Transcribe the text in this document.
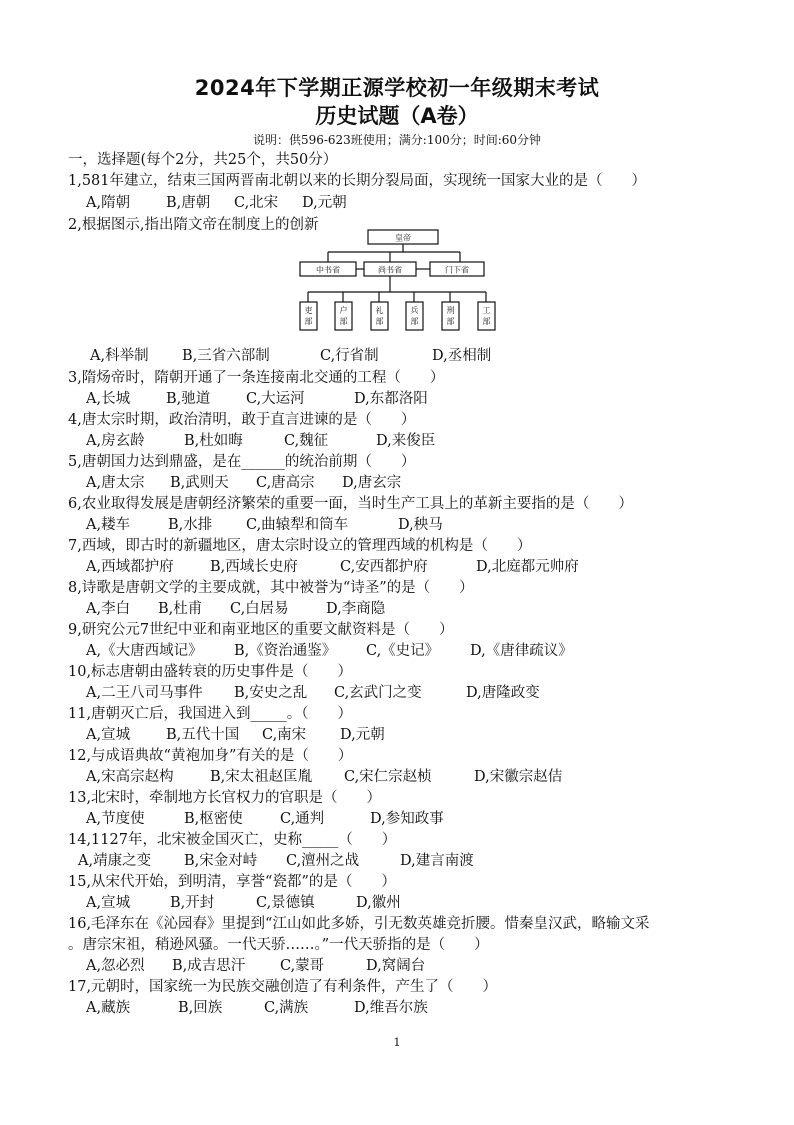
2024年下学期正源学校初一年级期末考试
历史试题（A卷）
说明：供596-623班使用；满分:100分；时间:60分钟
一，选择题(每个2分，共25个，共50分）
1,581年建立，结束三国两晋南北朝以来的长期分裂局面，实现统一国家大业的是（　　）
A,隋朝 B,唐朝 C,北宋 D,元朝
2,根据图示,指出隋文帝在制度上的创新
皇帝
中书省	尚书省	门下省
吏部
户部
礼部
兵部
刑部
工部
A,科举制 B,三省六部制	C,行省制	D,丞相制
3,隋炀帝时，隋朝开通了一条连接南北交通的工程（　　）
A,长城 B,驰道 C,大运河	D,东都洛阳
4,唐太宗时期，政治清明，敢于直言进谏的是（　　）
A,房玄龄	B,杜如晦	C,魏征	D,来俊臣
5,唐朝国力达到鼎盛，是在______的统治前期（　　）
A,唐太宗 B,武则天 C,唐高宗 D,唐玄宗
6,农业取得发展是唐朝经济繁荣的重要一面，当时生产工具上的革新主要指的是（　　）
A,耧车	B,水排 C,曲辕犁和筒车	D,秧马
7,西域，即古时的新疆地区，唐太宗时设立的管理西域的机构是（　　）
A,西域都护府	B,西域长史府	C,安西都护府	D,北庭都元帅府
8,诗歌是唐朝文学的主要成就，其中被誉为“诗圣”的是（　　）
A,李白 B,杜甫 C,白居易	D,李商隐
9,研究公元7世纪中亚和南亚地区的重要文献资料是（　　）
A,《大唐西域记》 B,《资治通鉴》 C,《史记》 D,《唐律疏议》
10,标志唐朝由盛转衰的历史事件是（　　）
A,二王八司马事件 B,安史之乱 C,玄武门之变	D,唐隆政变
11,唐朝灭亡后，我国进入到_____。（　　）
A,宣城 B,五代十国 C,南宋 D,元朝
12,与成语典故“黄袍加身”有关的是（　　）
A,宋高宗赵构	B,宋太祖赵匡胤 C,宋仁宗赵桢	D,宋徽宗赵佶
13,北宋时，牵制地方长官权力的官职是（　　）
A,节度使	B,枢密使	C,通判	D,参知政事
14,1127年，北宋被金国灭亡，史称_____（　　）
A,靖康之变 B,宋金对峙 C,澶州之战	D,建言南渡
15,从宋代开始，到明清，享誉“瓷都”的是（　　）
A,宣城	B,开封	C,景德镇	D,徽州
16,毛泽东在《沁园春》里提到“江山如此多娇，引无数英雄竞折腰。惜秦皇汉武，略输文采
。唐宗宋祖，稍逊风骚。一代天骄……。”一代天骄指的是（　　）
A,忽必烈 B,成吉思汗 C,蒙哥	D,窝阔台
17,元朝时，国家统一为民族交融创造了有利条件，产生了（　　）
A,藏族	B,回族	C,满族	D,维吾尔族
1
